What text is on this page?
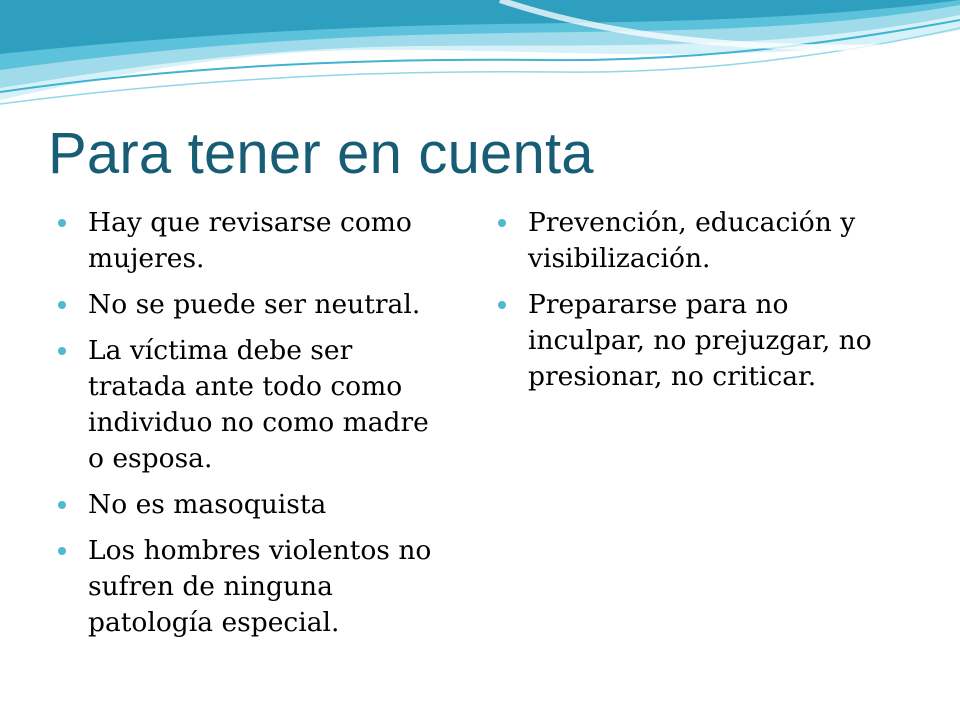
Para tener en cuenta
Hay que revisarse como mujeres.
No se puede ser neutral.
La víctima debe ser tratada ante todo como individuo no como madre o esposa.
No es masoquista
Los hombres violentos no sufren de ninguna patología especial.
Prevención, educación y visibilización.
Prepararse para no inculpar, no prejuzgar, no presionar, no criticar.
